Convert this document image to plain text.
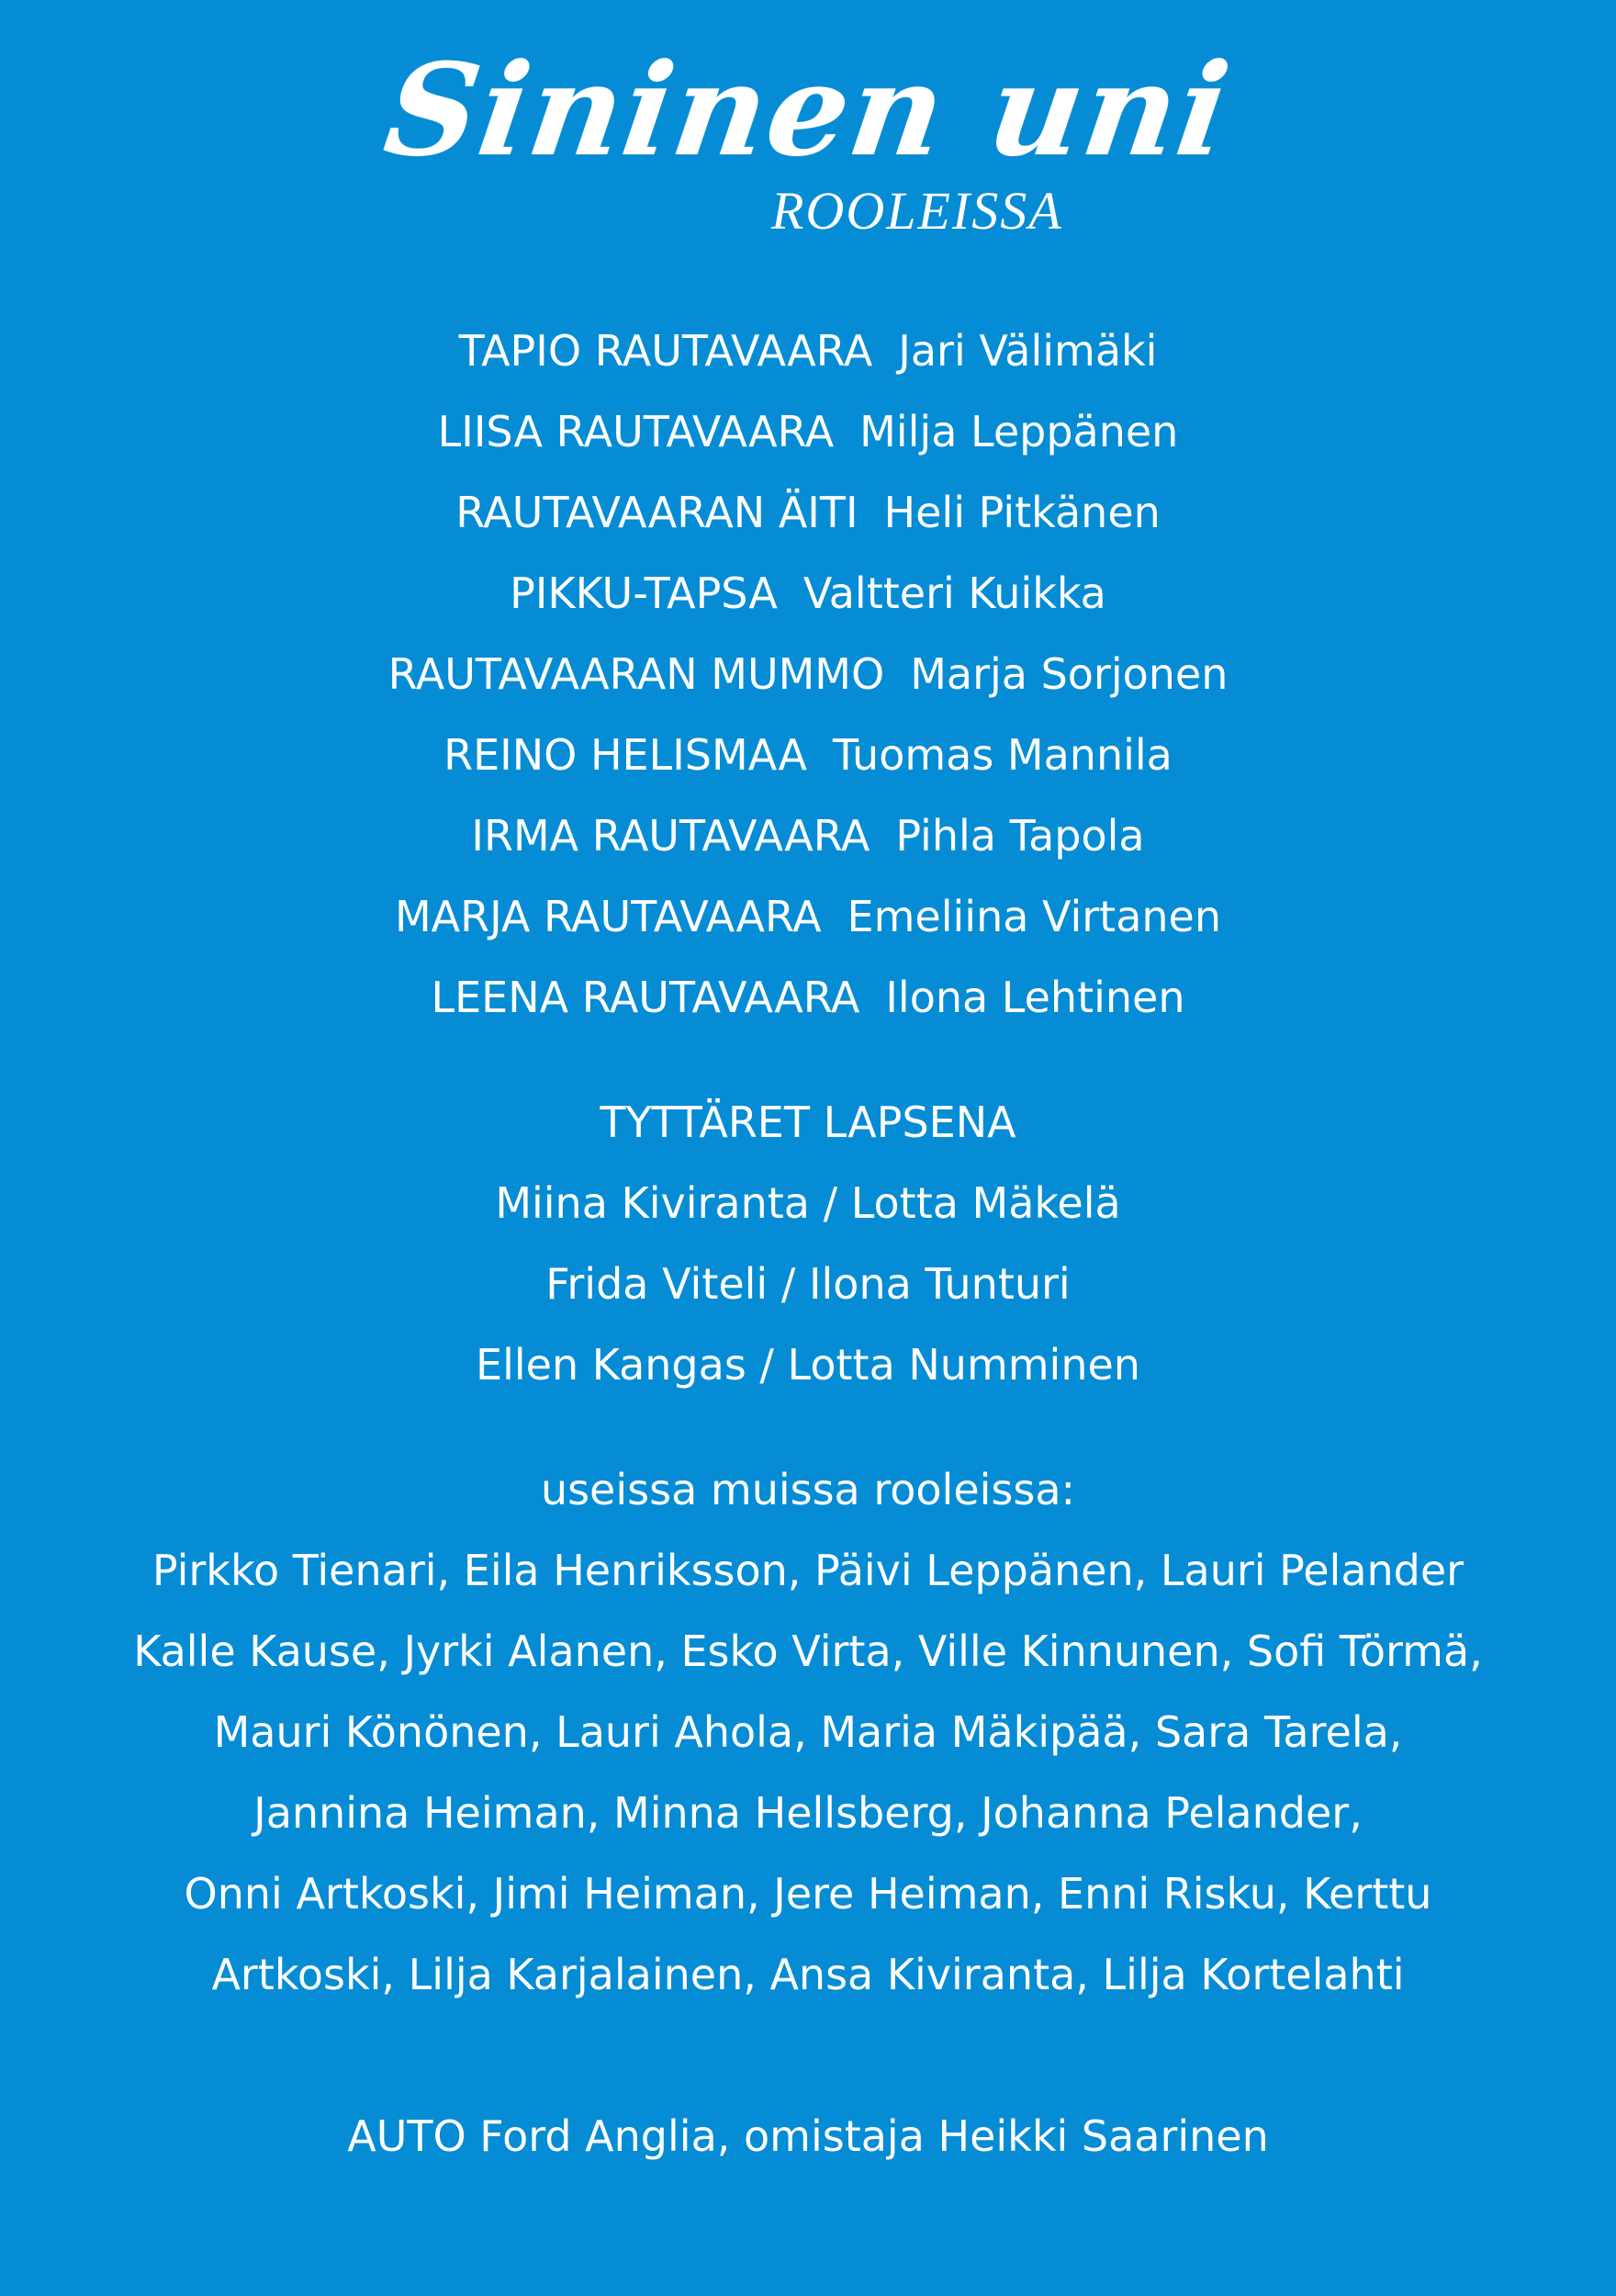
Sininen uni
ROOLEISSA
TAPIO RAUTAVAARA Jari Välimäki
LIISA RAUTAVAARA Milja Leppänen
RAUTAVAARAN ÄITI Heli Pitkänen
PIKKU-TAPSA Valtteri Kuikka
RAUTAVAARAN MUMMO Marja Sorjonen
REINO HELISMAA Tuomas Mannila
IRMA RAUTAVAARA Pihla Tapola
MARJA RAUTAVAARA Emeliina Virtanen
LEENA RAUTAVAARA Ilona Lehtinen
TYTTÄRET LAPSENA
Miina Kiviranta / Lotta Mäkelä
Frida Viteli / Ilona Tunturi
Ellen Kangas / Lotta Numminen
useissa muissa rooleissa:
Pirkko Tienari, Eila Henriksson, Päivi Leppänen, Lauri Pelander
Kalle Kause, Jyrki Alanen, Esko Virta, Ville Kinnunen, Sofi Törmä,
Mauri Könönen, Lauri Ahola, Maria Mäkipää, Sara Tarela,
Jannina Heiman, Minna Hellsberg, Johanna Pelander,
Onni Artkoski, Jimi Heiman, Jere Heiman, Enni Risku, Kerttu
Artkoski, Lilja Karjalainen, Ansa Kiviranta, Lilja Kortelahti
AUTO Ford Anglia, omistaja Heikki Saarinen
